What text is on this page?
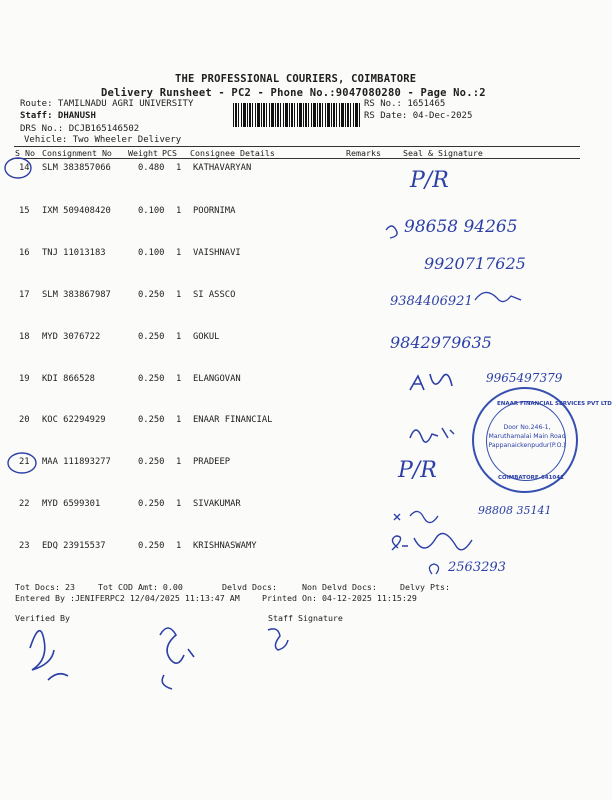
THE PROFESSIONAL COURIERS, COIMBATORE
Delivery Runsheet - PC2 - Phone No.:9047080280 - Page No.:2
Route: TAMILNADU AGRI UNIVERSITY
Staff: DHANUSH
DRS No.: DCJB165146502
Vehicle: Two Wheeler Delivery
RS No.: 1651465
RS Date: 04-Dec-2025
S No Consignment No Weight PCS Consignee Details	Remarks	Seal & Signature
14 SLM 383857066	0.480 1 KATHAVARYAN
15 IXM 509408420	0.100 1 POORNIMA
16 TNJ 11013183	0.100 1 VAISHNAVI
17 SLM 383867987	0.250 1 SI ASSCO
18 MYD 3076722	0.250 1 GOKUL
19 KDI 866528	0.250 1 ELANGOVAN
20 KOC 62294929	0.250 1 ENAAR FINANCIAL
21 MAA 111893277	0.250 1 PRADEEP
22 MYD 6599301	0.250 1 SIVAKUMAR
23 EDQ 23915537	0.250 1 KRISHNASWAMY
P/R
98658 94265
9920717625
9384406921
9842979635
9965497379
P/R
98808 35141
2563293
ENAAR FINANCIAL SERVICES PVT LTD
Door No.246-1,
Maruthamalai Main Road
Pappanaickenpudur(P.O.)
COIMBATORE-641041
Tot Docs: 23	Tot COD Amt: 0.00	Delvd Docs:	Non Delvd Docs:	Delvy Pts:
Entered By :JENIFERPC2 12/04/2025 11:13:47 AM	Printed On: 04-12-2025 11:15:29
Verified By	Staff Signature
